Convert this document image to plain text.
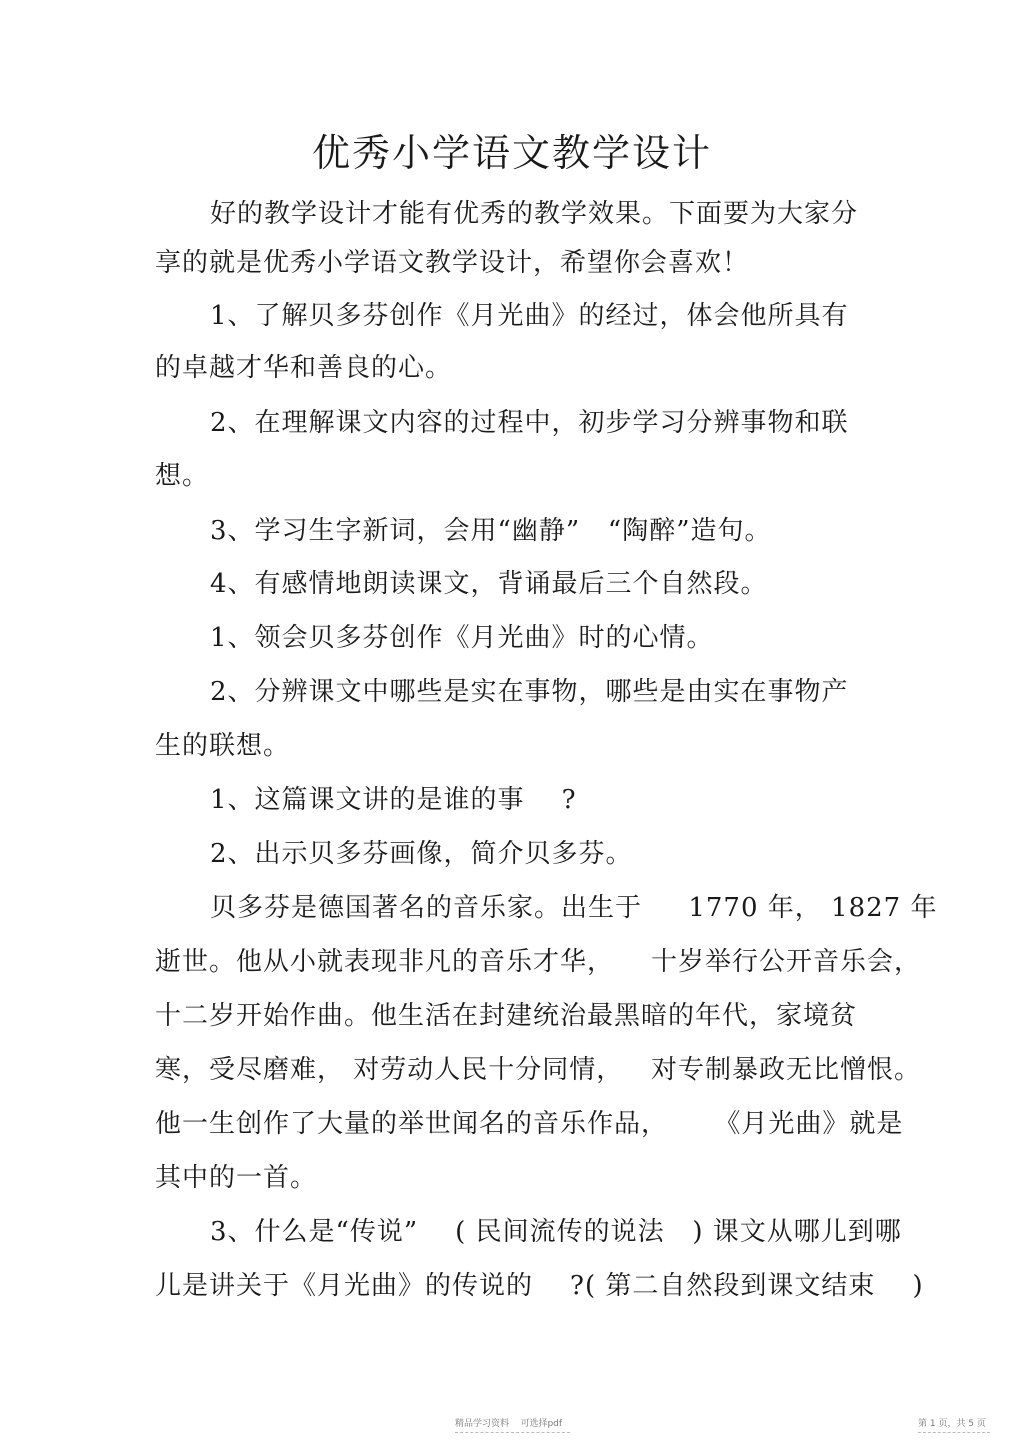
优秀小学语文教学设计
好的教学设计才能有优秀的教学效果。下面要为大家分
享的就是优秀小学语文教学设计，希望你会喜欢！
1、了解贝多芬创作《月光曲》的经过，体会他所具有
的卓越才华和善良的心。
2、在理解课文内容的过程中，初步学习分辨事物和联
想。
3、学习生字新词，会用“幽静”   “陶醉”造句。
4、有感情地朗读课文，背诵最后三个自然段。
1、领会贝多芬创作《月光曲》时的心情。
2、分辨课文中哪些是实在事物，哪些是由实在事物产
生的联想。
1、这篇课文讲的是谁的事    ?
2、出示贝多芬画像，简介贝多芬。
贝多芬是德国著名的音乐家。出生于     1770 年， 1827 年
逝世。他从小就表现非凡的音乐才华，    十岁举行公开音乐会，
十二岁开始作曲。他生活在封建统治最黑暗的年代，家境贫
寒，受尽磨难， 对劳动人民十分同情，   对专制暴政无比憎恨。
他一生创作了大量的举世闻名的音乐作品，     《月光曲》就是
其中的一首。
3、什么是“传说”    ( 民间流传的说法   ) 课文从哪儿到哪
儿是讲关于《月光曲》的传说的    ?( 第二自然段到课文结束    )
精品学习资料    可选择pdf	第 1 页，共 5 页
